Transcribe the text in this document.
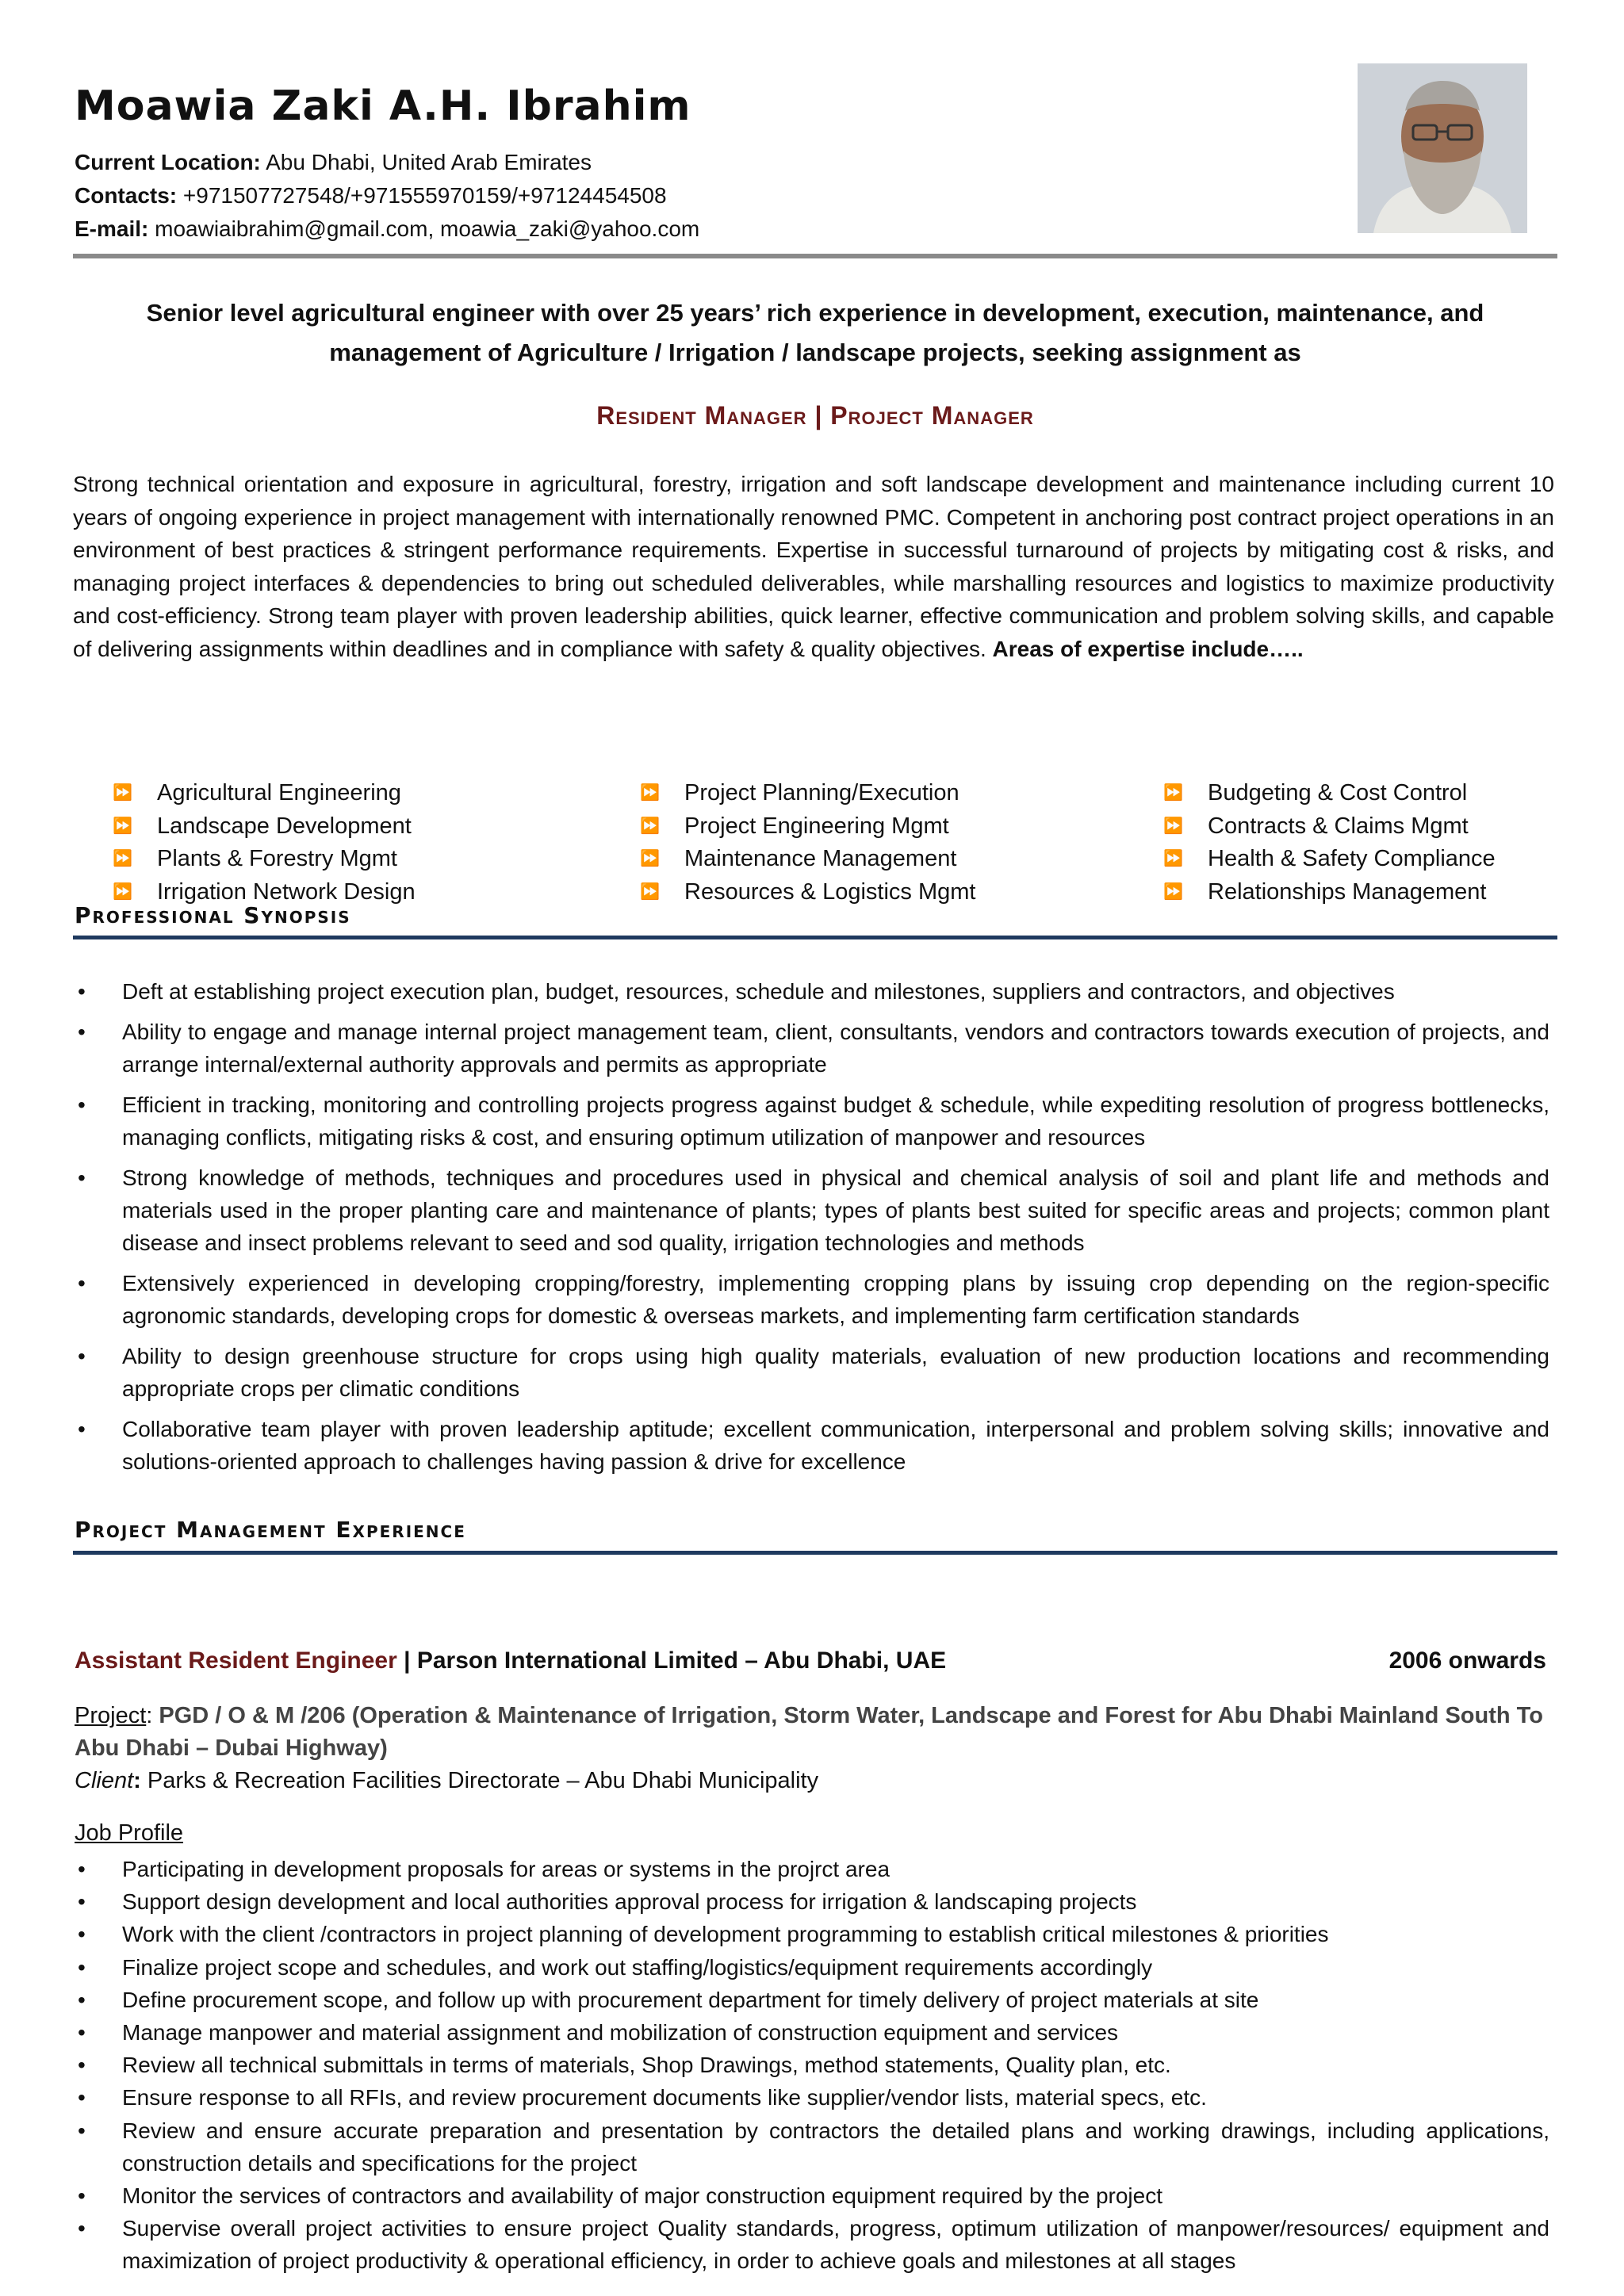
Moawia Zaki A.H. Ibrahim
Current Location: Abu Dhabi, United Arab Emirates
Contacts: +971507727548/+971555970159/+97124454508
E-mail: moawiaibrahim@gmail.com, moawia_zaki@yahoo.com
Senior level agricultural engineer with over 25 years’ rich experience in development, execution, maintenance, and
management of Agriculture / Irrigation / landscape projects, seeking assignment as
Resident Manager | Project Manager
Strong technical orientation and exposure in agricultural, forestry, irrigation and soft landscape development and maintenance including current 10 years of ongoing experience in project management with internationally renowned PMC. Competent in anchoring post contract project operations in an environment of best practices & stringent performance requirements. Expertise in successful turnaround of projects by mitigating cost & risks, and managing project interfaces & dependencies to bring out scheduled deliverables, while marshalling resources and logistics to maximize productivity and cost-efficiency. Strong team player with proven leadership abilities, quick learner, effective communication and problem solving skills, and capable of delivering assignments within deadlines and in compliance with safety & quality objectives. Areas of expertise include…..
⏩	Agricultural Engineering	⏩	Project Planning/Execution	⏩	Budgeting & Cost Control
⏩	Landscape Development	⏩	Project Engineering Mgmt	⏩	Contracts & Claims Mgmt
⏩	Plants & Forestry Mgmt	⏩	Maintenance Management	⏩	Health & Safety Compliance
⏩	Irrigation Network Design	⏩	Resources & Logistics Mgmt	⏩	Relationships Management
Professional Synopsis
• Deft at establishing project execution plan, budget, resources, schedule and milestones, suppliers and contractors, and objectives
• Ability to engage and manage internal project management team, client, consultants, vendors and contractors towards execution of projects, and arrange internal/external authority approvals and permits as appropriate
• Efficient in tracking, monitoring and controlling projects progress against budget & schedule, while expediting resolution of progress bottlenecks, managing conflicts, mitigating risks & cost, and ensuring optimum utilization of manpower and resources
• Strong knowledge of methods, techniques and procedures used in physical and chemical analysis of soil and plant life and methods and materials used in the proper planting care and maintenance of plants; types of plants best suited for specific areas and projects; common plant disease and insect problems relevant to seed and sod quality, irrigation technologies and methods
• Extensively experienced in developing cropping/forestry, implementing cropping plans by issuing crop depending on the region-specific agronomic standards, developing crops for domestic & overseas markets, and implementing farm certification standards
• Ability to design greenhouse structure for crops using high quality materials, evaluation of new production locations and recommending appropriate crops per climatic conditions
• Collaborative team player with proven leadership aptitude; excellent communication, interpersonal and problem solving skills; innovative and solutions-oriented approach to challenges having passion & drive for excellence
Project Management Experience
Assistant Resident Engineer | Parson International Limited – Abu Dhabi, UAE	2006 onwards
Project: PGD / O & M /206 (Operation & Maintenance of Irrigation, Storm Water, Landscape and Forest for Abu Dhabi Mainland South To Abu Dhabi – Dubai Highway)
Client: Parks & Recreation Facilities Directorate – Abu Dhabi Municipality
Job Profile
• Participating in development proposals for areas or systems in the projrct area
• Support design development and local authorities approval process for irrigation & landscaping projects
• Work with the client /contractors in project planning of development programming to establish critical milestones & priorities
• Finalize project scope and schedules, and work out staffing/logistics/equipment requirements accordingly
• Define procurement scope, and follow up with procurement department for timely delivery of project materials at site
• Manage manpower and material assignment and mobilization of construction equipment and services
• Review all technical submittals in terms of materials, Shop Drawings, method statements, Quality plan, etc.
• Ensure response to all RFIs, and review procurement documents like supplier/vendor lists, material specs, etc.
• Review and ensure accurate preparation and presentation by contractors the detailed plans and working drawings, including applications, construction details and specifications for the project
• Monitor the services of contractors and availability of major construction equipment required by the project
• Supervise overall project activities to ensure project Quality standards, progress, optimum utilization of manpower/resources/ equipment and maximization of project productivity & operational efficiency, in order to achieve goals and milestones at all stages
